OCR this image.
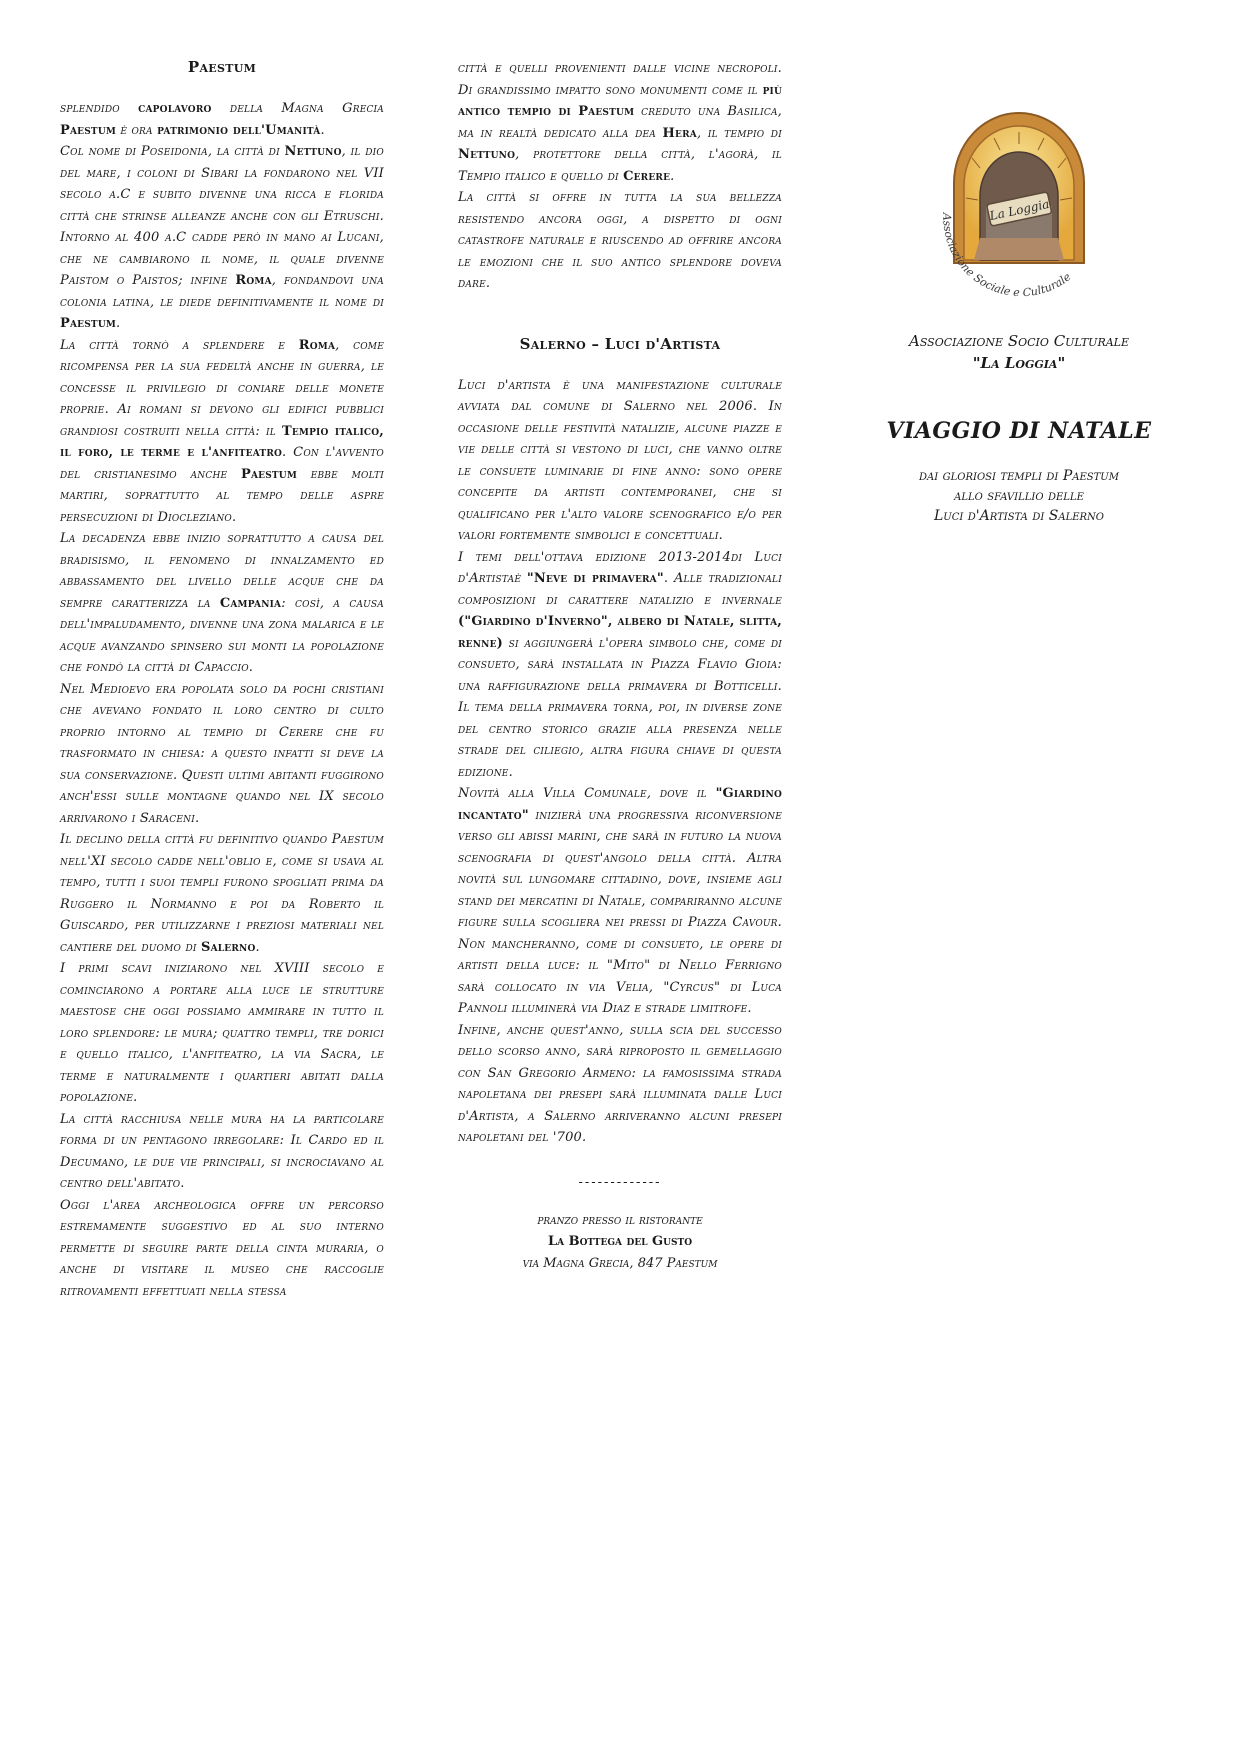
Paestum

splendido capolavoro della Magna Grecia Paestum è ora patrimonio dell'Umanità.

Col nome di Poseidonia, la città di Nettuno, il dio del mare, i coloni di Sibari la fondarono nel VII secolo a.C e subito divenne una ricca e florida città che strinse alleanze anche con gli Etruschi. Intorno al 400 a.C cadde però in mano ai Lucani, che ne cambiarono il nome, il quale divenne Paistom o Paistos; infine Roma, fondandovi una colonia latina, le diede definitivamente il nome di Paestum.

La città tornò a splendere e Roma, come ricompensa per la sua fedeltà anche in guerra, le concesse il privilegio di coniare delle monete proprie. Ai romani si devono gli edifici pubblici grandiosi costruiti nella città: il Tempio italico, il foro, le terme e l'anfiteatro. Con l'avvento del cristianesimo anche Paestum ebbe molti martiri, soprattutto al tempo delle aspre persecuzioni di Diocleziano.

La decadenza ebbe inizio soprattutto a causa del bradisismo, il fenomeno di innalzamento ed abbassamento del livello delle acque che da sempre caratterizza la Campania: così, a causa dell'impaludamento, divenne una zona malarica e le acque avanzando spinsero sui monti la popolazione che fondò la città di Capaccio.

Nel Medioevo era popolata solo da pochi cristiani che avevano fondato il loro centro di culto proprio intorno al tempio di Cerere che fu trasformato in chiesa: a questo infatti si deve la sua conservazione. Questi ultimi abitanti fuggirono anch'essi sulle montagne quando nel IX secolo arrivarono i Saraceni.

Il declino della città fu definitivo quando Paestum nell'XI secolo cadde nell'oblio e, come si usava al tempo, tutti i suoi templi furono spogliati prima da Ruggero il Normanno e poi da Roberto il Guiscardo, per utilizzarne i preziosi materiali nel cantiere del duomo di Salerno.

I primi scavi iniziarono nel XVIII secolo e cominciarono a portare alla luce le strutture maestose che oggi possiamo ammirare in tutto il loro splendore: le mura; quattro templi, tre dorici e quello italico, l'anfiteatro, la via Sacra, le terme e naturalmente i quartieri abitati dalla popolazione.

La città racchiusa nelle mura ha la particolare forma di un pentagono irregolare: Il Cardo ed il Decumano, le due vie principali, si incrociavano al centro dell'abitato.

Oggi l'area archeologica offre un percorso estremamente suggestivo ed al suo interno permette di seguire parte della cinta muraria, o anche di visitare il museo che raccoglie ritrovamenti effettuati nella stessa

città e quelli provenienti dalle vicine necropoli. Di grandissimo impatto sono monumenti come il più antico tempio di Paestum creduto una Basilica, ma in realtà dedicato alla dea Hera, il tempio di Nettuno, protettore della città, l'agorà, il Tempio italico e quello di Cerere.

La città si offre in tutta la sua bellezza resistendo ancora oggi, a dispetto di ogni catastrofe naturale e riuscendo ad offrire ancora le emozioni che il suo antico splendore doveva dare.

Salerno – Luci d'Artista

Luci d'artista è una manifestazione culturale avviata dal comune di Salerno nel 2006. In occasione delle festività natalizie, alcune piazze e vie delle città si vestono di luci, che vanno oltre le consuete luminarie di fine anno: sono opere concepite da artisti contemporanei, che si qualificano per l'alto valore scenografico e/o per valori fortemente simbolici e concettuali.

I temi dell'ottava edizione 2013-2014di Luci d'Artistaè "Neve di primavera". Alle tradizionali composizioni di carattere natalizio e invernale ("Giardino d'Inverno", albero di Natale, slitta, renne) si aggiungerà l'opera simbolo che, come di consueto, sarà installata in Piazza Flavio Gioia: una raffigurazione della primavera di Botticelli. Il tema della primavera torna, poi, in diverse zone del centro storico grazie alla presenza nelle strade del ciliegio, altra figura chiave di questa edizione.

Novità alla Villa Comunale, dove il "Giardino incantato" inizierà una progressiva riconversione verso gli abissi marini, che sarà in futuro la nuova scenografia di quest'angolo della città. Altra novità sul lungomare cittadino, dove, insieme agli stand dei mercatini di Natale, compariranno alcune figure sulla scogliera nei pressi di Piazza Cavour. Non mancheranno, come di consueto, le opere di artisti della luce: il "Mito" di Nello Ferrigno sarà collocato in via Velia, "Cyrcus" di Luca Pannoli illuminerà via Diaz e strade limitrofe.

Infine, anche quest'anno, sulla scia del successo dello scorso anno, sarà riproposto il gemellaggio con San Gregorio Armeno: la famosissima strada napoletana dei presepi sarà illuminata dalle Luci d'Artista, a Salerno arriveranno alcuni presepi napoletani del '700.

-------------
pranzo presso il ristorante
La Bottega del Gusto
via Magna Grecia, 847 Paestum
La Loggia
Associazione Sociale e Culturale
Associazione Socio Culturale
"La Loggia"
VIAGGIO DI NATALE
dai gloriosi templi di Paestum
allo sfavillio delle
Luci d'Artista di Salerno
